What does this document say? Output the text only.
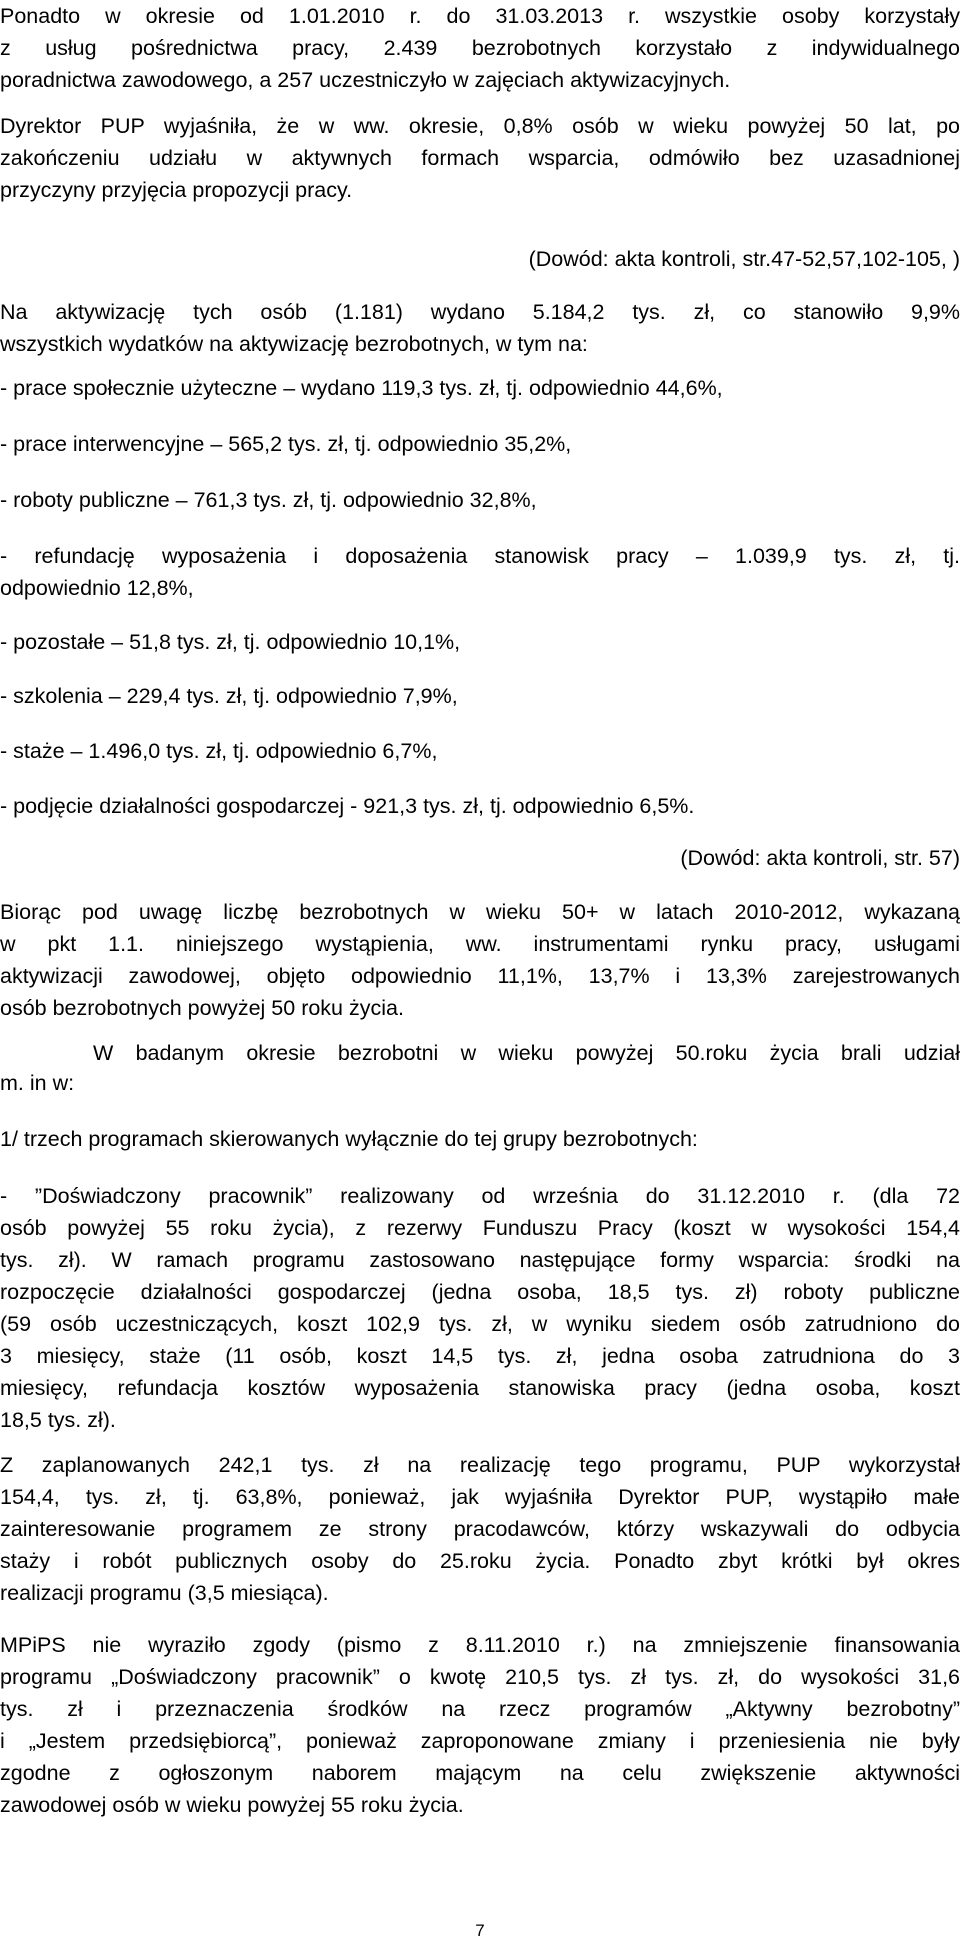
Ponadto w okresie od 1.01.2010 r. do 31.03.2013 r. wszystkie osoby korzystały
z usług pośrednictwa pracy, 2.439 bezrobotnych korzystało z indywidualnego
poradnictwa zawodowego, a 257 uczestniczyło w zajęciach aktywizacyjnych.
Dyrektor PUP wyjaśniła, że w ww. okresie, 0,8% osób w wieku powyżej 50 lat, po
zakończeniu udziału w aktywnych formach wsparcia, odmówiło bez uzasadnionej
przyczyny przyjęcia propozycji pracy.

(Dowód: akta kontroli, str.47-52,57,102-105, )

Na aktywizację tych osób (1.181) wydano 5.184,2 tys. zł, co stanowiło 9,9%
wszystkich wydatków na aktywizację bezrobotnych, w tym na:
- prace społecznie użyteczne – wydano 119,3 tys. zł, tj. odpowiednio 44,6%,
- prace interwencyjne – 565,2 tys. zł, tj. odpowiednio 35,2%,
- roboty publiczne – 761,3 tys. zł, tj. odpowiednio 32,8%,
- refundację wyposażenia i doposażenia stanowisk pracy – 1.039,9 tys. zł, tj.
odpowiednio 12,8%,
- pozostałe – 51,8 tys. zł, tj. odpowiednio 10,1%,
- szkolenia – 229,4 tys. zł, tj. odpowiednio 7,9%,
- staże – 1.496,0 tys. zł, tj. odpowiednio 6,7%,
- podjęcie działalności gospodarczej - 921,3 tys. zł, tj. odpowiednio 6,5%.

(Dowód: akta kontroli, str. 57)

Biorąc pod uwagę liczbę bezrobotnych w wieku 50+ w latach 2010-2012, wykazaną
w pkt 1.1. niniejszego wystąpienia, ww. instrumentami rynku pracy, usługami
aktywizacji zawodowej, objęto odpowiednio 11,1%, 13,7% i 13,3% zarejestrowanych
osób bezrobotnych powyżej 50 roku życia.
W badanym okresie bezrobotni w wieku powyżej 50.roku życia brali udział
m. in w:
1/ trzech programach skierowanych wyłącznie do tej grupy bezrobotnych:
- ”Doświadczony pracownik” realizowany od września do 31.12.2010 r. (dla 72
osób powyżej 55 roku życia), z rezerwy Funduszu Pracy (koszt w wysokości 154,4
tys. zł). W ramach programu zastosowano następujące formy wsparcia: środki na
rozpoczęcie działalności gospodarczej (jedna osoba, 18,5 tys. zł) roboty publiczne
(59 osób uczestniczących, koszt 102,9 tys. zł, w wyniku siedem osób zatrudniono do
3 miesięcy, staże (11 osób, koszt 14,5 tys. zł, jedna osoba zatrudniona do 3
miesięcy, refundacja kosztów wyposażenia stanowiska pracy (jedna osoba, koszt
18,5 tys. zł).
Z zaplanowanych 242,1 tys. zł na realizację tego programu, PUP wykorzystał
154,4, tys. zł, tj. 63,8%, ponieważ, jak wyjaśniła Dyrektor PUP, wystąpiło małe
zainteresowanie programem ze strony pracodawców, którzy wskazywali do odbycia
staży i robót publicznych osoby do 25.roku życia. Ponadto zbyt krótki był okres
realizacji programu (3,5 miesiąca).
MPiPS nie wyraziło zgody (pismo z 8.11.2010 r.) na zmniejszenie finansowania
programu „Doświadczony pracownik” o kwotę 210,5 tys. zł tys. zł, do wysokości 31,6
tys. zł i przeznaczenia środków na rzecz programów „Aktywny bezrobotny”
i „Jestem przedsiębiorcą”, ponieważ zaproponowane zmiany i przeniesienia nie były
zgodne z ogłoszonym naborem mającym na celu zwiększenie aktywności
zawodowej osób w wieku powyżej 55 roku życia.
7
